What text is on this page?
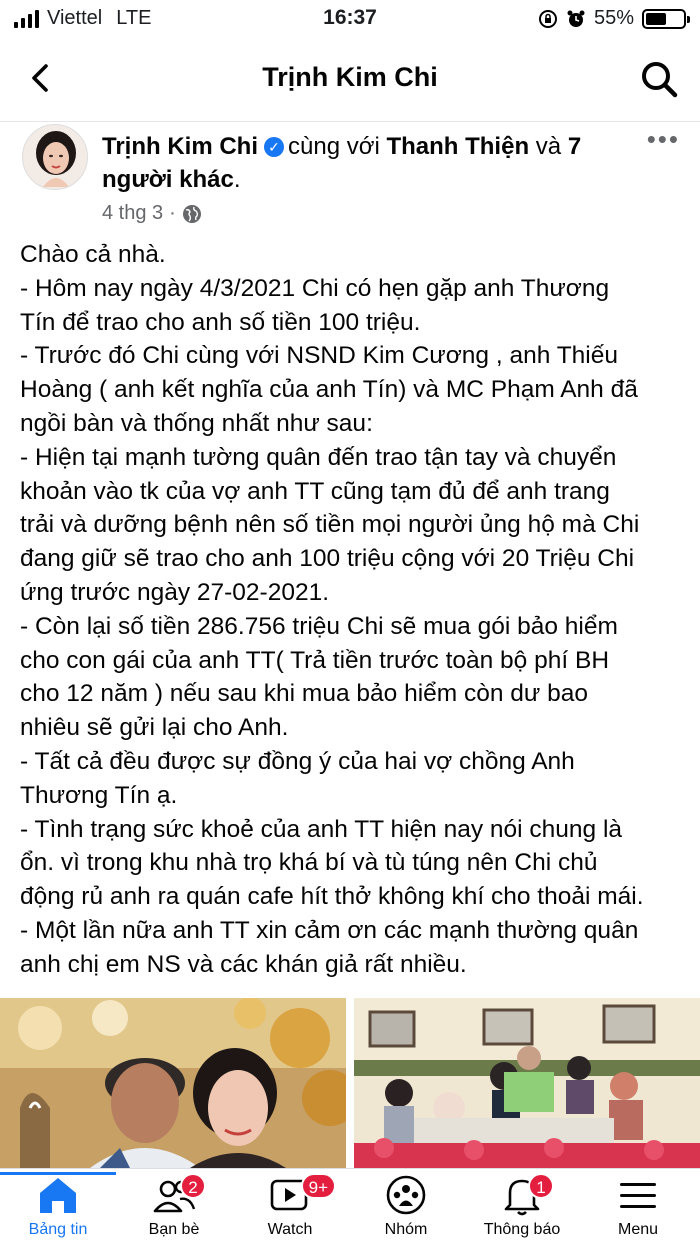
Viettel LTE	16:37	55%
Trịnh Kim Chi
Trịnh Kim Chi ✓ cùng với Thanh Thiện và 7 người khác.
4 thg 3 ·
•••

Chào cả nhà.

- Hôm nay ngày 4/3/2021 Chi có hẹn gặp anh Thương

Tín để trao cho anh số tiền 100 triệu.

- Trước đó Chi cùng với NSND Kim Cương , anh Thiếu

Hoàng ( anh kết nghĩa của anh Tín) và MC Phạm Anh đã

ngồi bàn và thống nhất như sau:

- Hiện tại mạnh tường quân đến trao tận tay và chuyển

khoản vào tk của vợ anh TT cũng tạm đủ để anh trang

trải và dưỡng bệnh nên số tiền mọi người ủng hộ mà Chi

đang giữ sẽ trao cho anh 100 triệu cộng với 20 Triệu Chi

ứng trước ngày 27-02-2021.

- Còn lại số tiền 286.756 triệu Chi sẽ mua gói bảo hiểm

cho con gái của anh TT( Trả tiền trước toàn bộ phí BH

cho 12 năm ) nếu sau khi mua bảo hiểm còn dư bao

nhiêu sẽ gửi lại cho Anh.

- Tất cả đều được sự đồng ý của hai vợ chồng Anh

Thương Tín ạ.

- Tình trạng sức khoẻ của anh TT hiện nay nói chung là

ổn. vì trong khu nhà trọ khá bí và tù túng nên Chi chủ

động rủ anh ra quán cafe hít thở không khí cho thoải mái.

- Một lần nữa anh TT xin cảm ơn các mạnh thường quân

anh chị em NS và các khán giả rất nhiều.

Bảng tin
2
Bạn bè
9+
Watch	Nhóm
1
Thông báo	Menu
